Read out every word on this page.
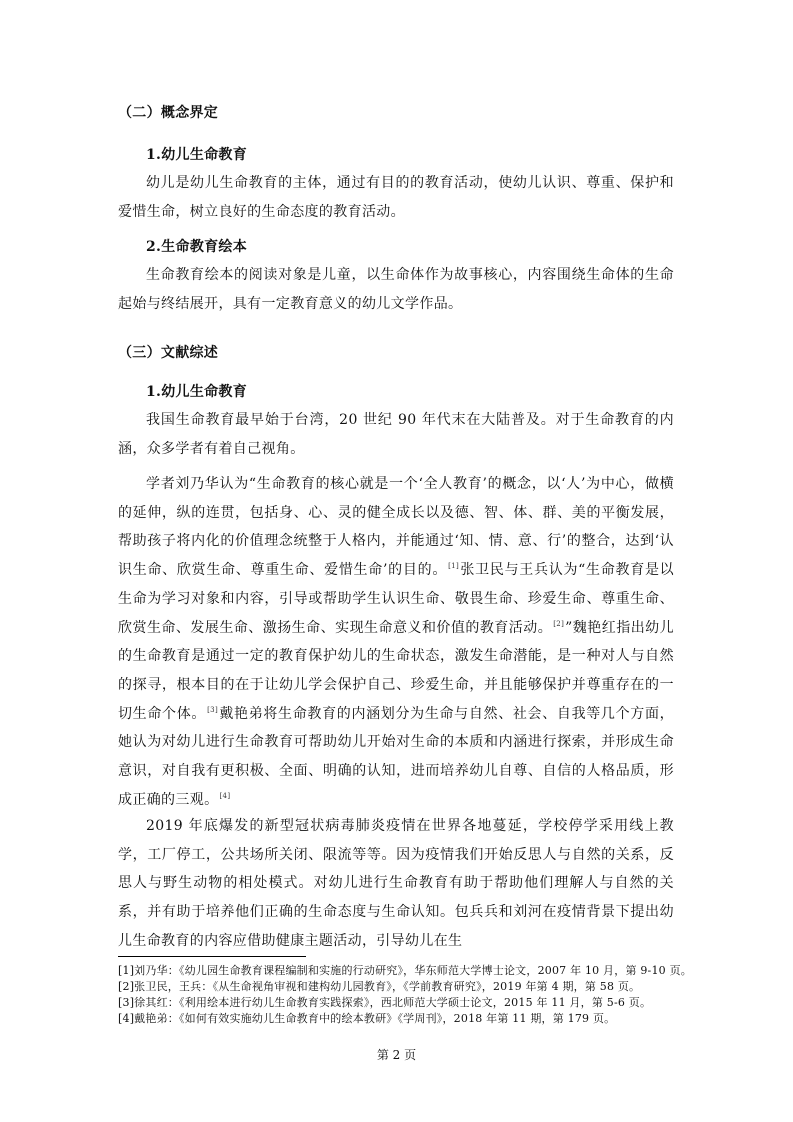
（二）概念界定
1.幼儿生命教育

幼儿是幼儿生命教育的主体，通过有目的的教育活动，使幼儿认识、尊重、保护和爱惜生命，树立良好的生命态度的教育活动。

2.生命教育绘本

生命教育绘本的阅读对象是儿童，以生命体作为故事核心，内容围绕生命体的生命起始与终结展开，具有一定教育意义的幼儿文学作品。

（三）文献综述
1.幼儿生命教育

我国生命教育最早始于台湾，20 世纪 90 年代末在大陆普及。对于生命教育的内涵，众多学者有着自己视角。

学者刘乃华认为“生命教育的核心就是一个‘全人教育’的概念，以‘人’为中心，做横的延伸，纵的连贯，包括身、心、灵的健全成长以及德、智、体、群、美的平衡发展，帮助孩子将内化的价值理念统整于人格内，并能通过‘知、情、意、行’的整合，达到‘认识生命、欣赏生命、尊重生命、爱惜生命’的目的。[1]张卫民与王兵认为“生命教育是以生命为学习对象和内容，引导或帮助学生认识生命、敬畏生命、珍爱生命、尊重生命、欣赏生命、发展生命、激扬生命、实现生命意义和价值的教育活动。[2]”魏艳红指出幼儿的生命教育是通过一定的教育保护幼儿的生命状态，激发生命潜能，是一种对人与自然的探寻，根本目的在于让幼儿学会保护自己、珍爱生命，并且能够保护并尊重存在的一切生命个体。[3]戴艳弟将生命教育的内涵划分为生命与自然、社会、自我等几个方面，她认为对幼儿进行生命教育可帮助幼儿开始对生命的本质和内涵进行探索，并形成生命意识，对自我有更积极、全面、明确的认知，进而培养幼儿自尊、自信的人格品质，形成正确的三观。[4]

2019 年底爆发的新型冠状病毒肺炎疫情在世界各地蔓延，学校停学采用线上教学，工厂停工，公共场所关闭、限流等等。因为疫情我们开始反思人与自然的关系，反思人与野生动物的相处模式。对幼儿进行生命教育有助于帮助他们理解人与自然的关系，并有助于培养他们正确的生命态度与生命认知。包兵兵和刘河在疫情背景下提出幼儿生命教育的内容应借助健康主题活动，引导幼儿在生

[1]刘乃华：《幼儿园生命教育课程编制和实施的行动研究》，华东师范大学博士论文，2007 年 10 月，第 9-10 页。
[2]张卫民，王兵：《从生命视角审视和建构幼儿园教育》，《学前教育研究》，2019 年第 4 期，第 58 页。
[3]徐其红：《利用绘本进行幼儿生命教育实践探索》，西北师范大学硕士论文，2015 年 11 月，第 5-6 页。
[4]戴艳弟：《如何有效实施幼儿生命教育中的绘本教研》《学周刊》，2018 年第 11 期，第 179 页。
第 2 页
